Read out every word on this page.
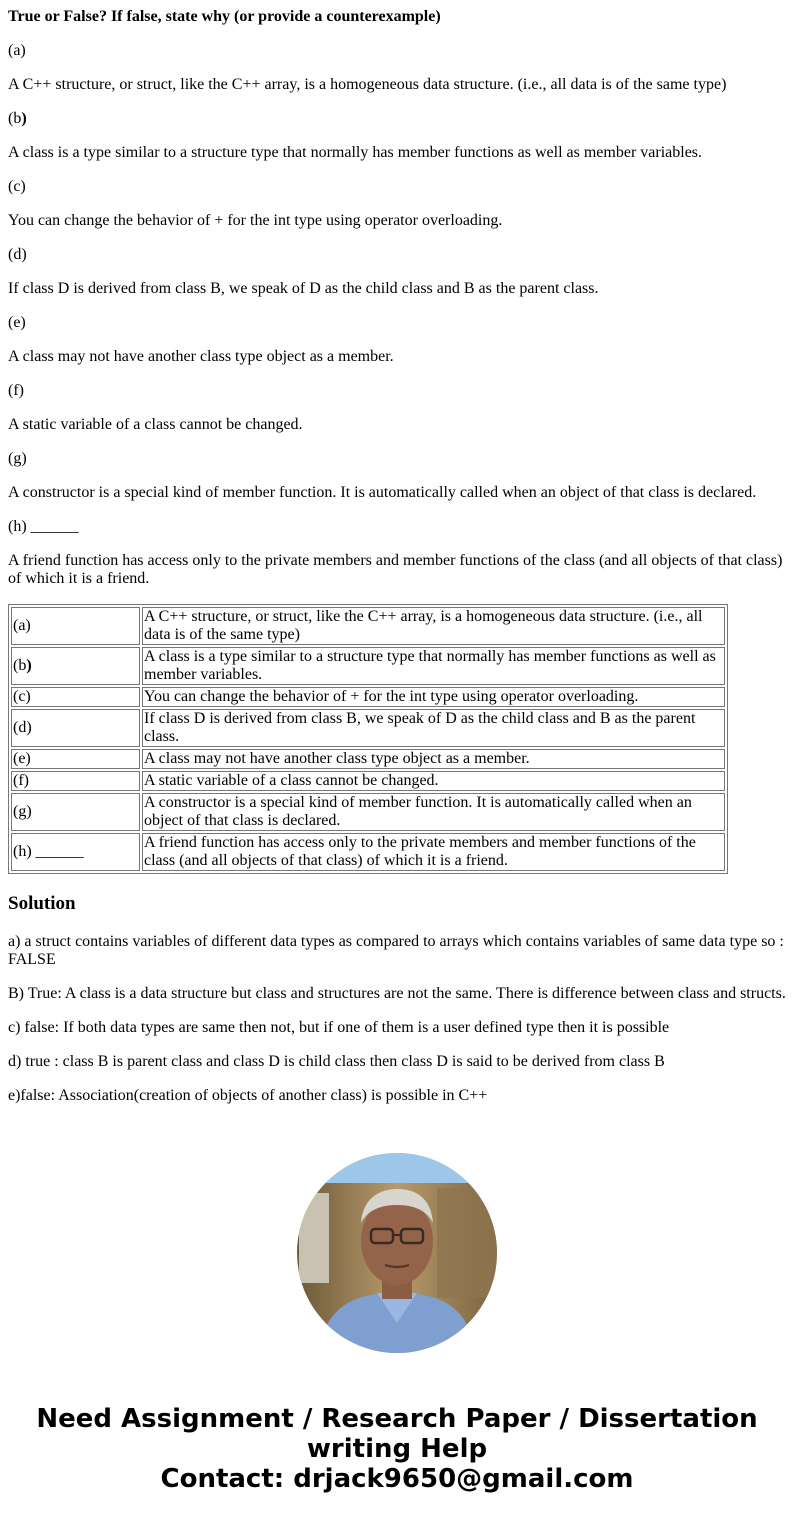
True or False? If false, state why (or provide a counterexample)
(a)
A C++ structure, or struct, like the C++ array, is a homogeneous data structure. (i.e., all data is of the same type)
(b)
A class is a type similar to a structure type that normally has member functions as well as member variables.
(c)
You can change the behavior of + for the int type using operator overloading.
(d)
If class D is derived from class B, we speak of D as the child class and B as the parent class.
(e)
A class may not have another class type object as a member.
(f)
A static variable of a class cannot be changed.
(g)
A constructor is a special kind of member function. It is automatically called when an object of that class is declared.
(h) ______
A friend function has access only to the private members and member functions of the class (and all objects of that class) of which it is a friend.
(a)	A C++ structure, or struct, like the C++ array, is a homogeneous data structure. (i.e., all data is of the same type)
(b)	A class is a type similar to a structure type that normally has member functions as well as member variables.
(c)	You can change the behavior of + for the int type using operator overloading.
(d)	If class D is derived from class B, we speak of D as the child class and B as the parent class.
(e)	A class may not have another class type object as a member.
(f)	A static variable of a class cannot be changed.
(g)	A constructor is a special kind of member function. It is automatically called when an object of that class is declared.
(h) ______	A friend function has access only to the private members and member functions of the class (and all objects of that class) of which it is a friend.
Solution
a) a struct contains variables of different data types as compared to arrays which contains variables of same data type so : FALSE
B) True: A class is a data structure but class and structures are not the same. There is difference between class and structs.
c) false: If both data types are same then not, but if one of them is a user defined type then it is possible
d) true : class B is parent class and class D is child class then class D is said to be derived from class B
e)false: Association(creation of objects of another class) is possible in C++
Need Assignment / Research Paper / Dissertation
writing Help
Contact: drjack9650@gmail.com
